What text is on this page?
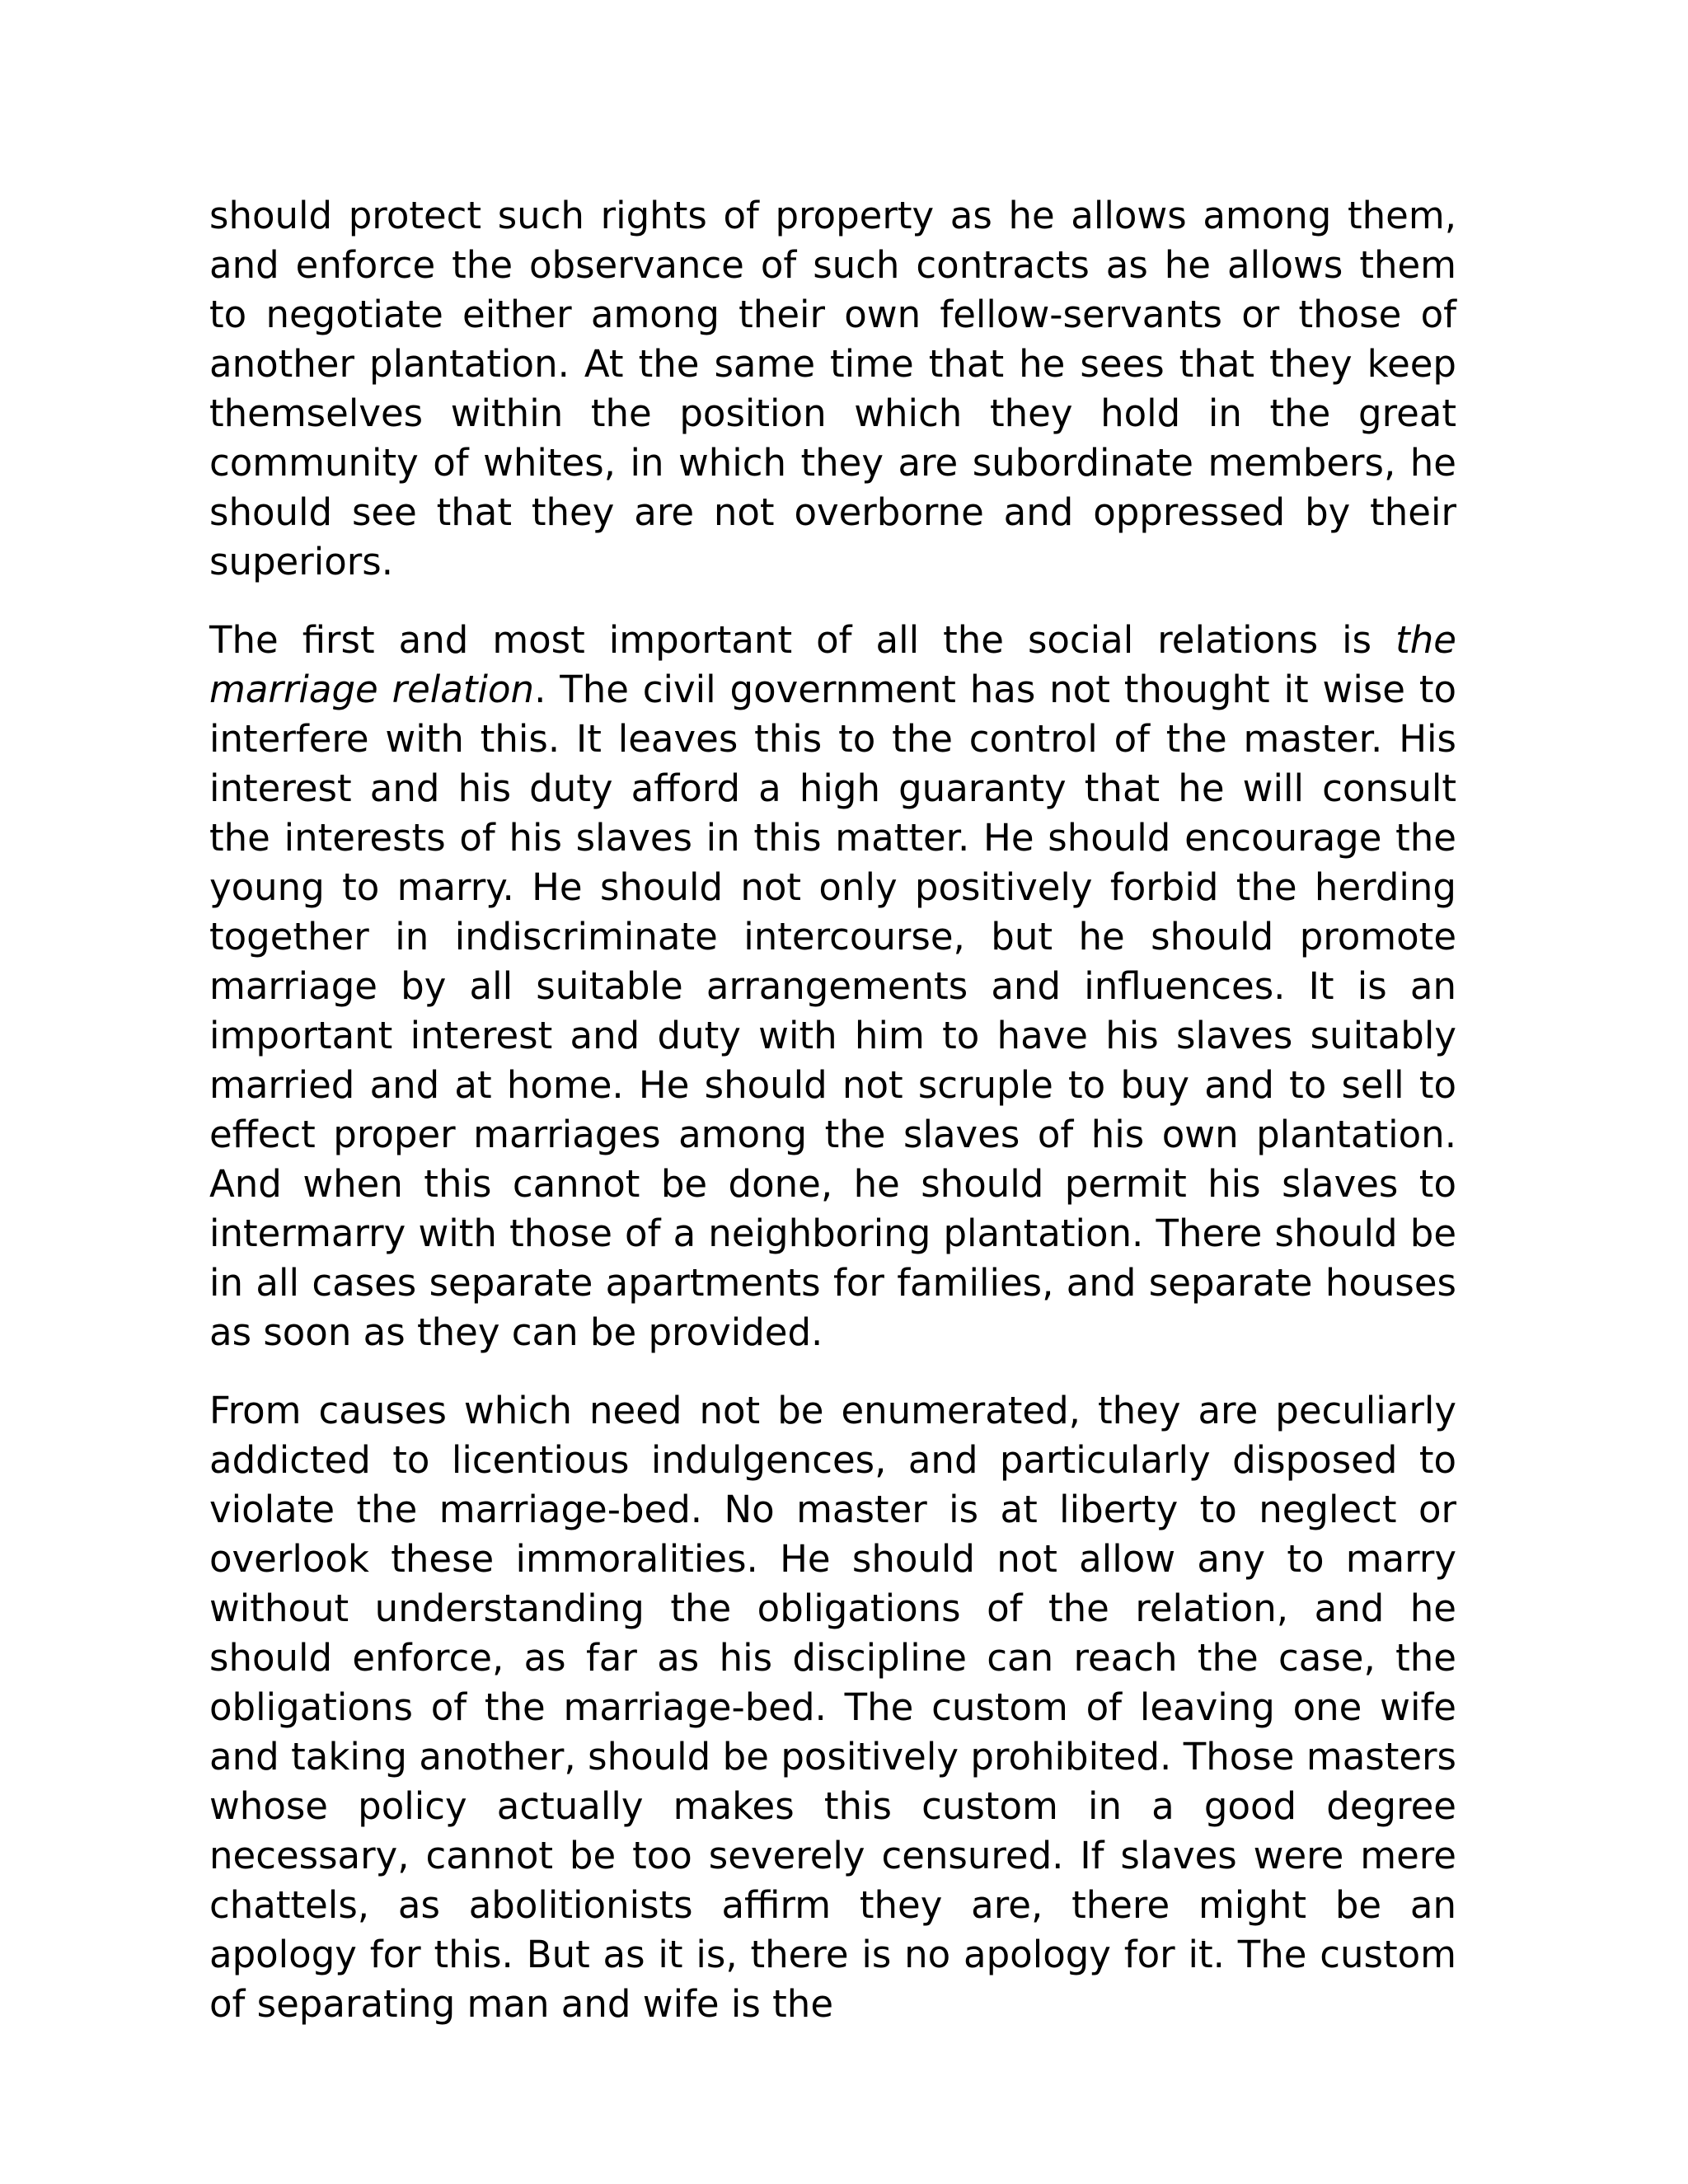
should protect such rights of property as he allows among them, and enforce the observance of such contracts as he allows them to negotiate either among their own fellow-servants or those of another plantation. At the same time that he sees that they keep themselves within the position which they hold in the great community of whites, in which they are subordinate members, he should see that they are not overborne and oppressed by their superiors.

The first and most important of all the social relations is the marriage relation. The civil government has not thought it wise to interfere with this. It leaves this to the control of the master. His interest and his duty afford a high guaranty that he will consult the interests of his slaves in this matter. He should encourage the young to marry. He should not only positively forbid the herding together in indiscriminate intercourse, but he should promote marriage by all suitable arrangements and influences. It is an important interest and duty with him to have his slaves suitably married and at home. He should not scruple to buy and to sell to effect proper marriages among the slaves of his own plantation. And when this cannot be done, he should permit his slaves to intermarry with those of a neighboring plantation. There should be in all cases separate apartments for families, and separate houses as soon as they can be provided.

From causes which need not be enumerated, they are peculiarly addicted to licentious indulgences, and particularly disposed to violate the marriage-bed. No master is at liberty to neglect or overlook these immoralities. He should not allow any to marry without understanding the obligations of the relation, and he should enforce, as far as his discipline can reach the case, the obligations of the marriage-bed. The custom of leaving one wife and taking another, should be positively prohibited. Those masters whose policy actually makes this custom in a good degree necessary, cannot be too severely censured. If slaves were mere chattels, as abolitionists affirm they are, there might be an apology for this. But as it is, there is no apology for it. The custom of separating man and wife is the
